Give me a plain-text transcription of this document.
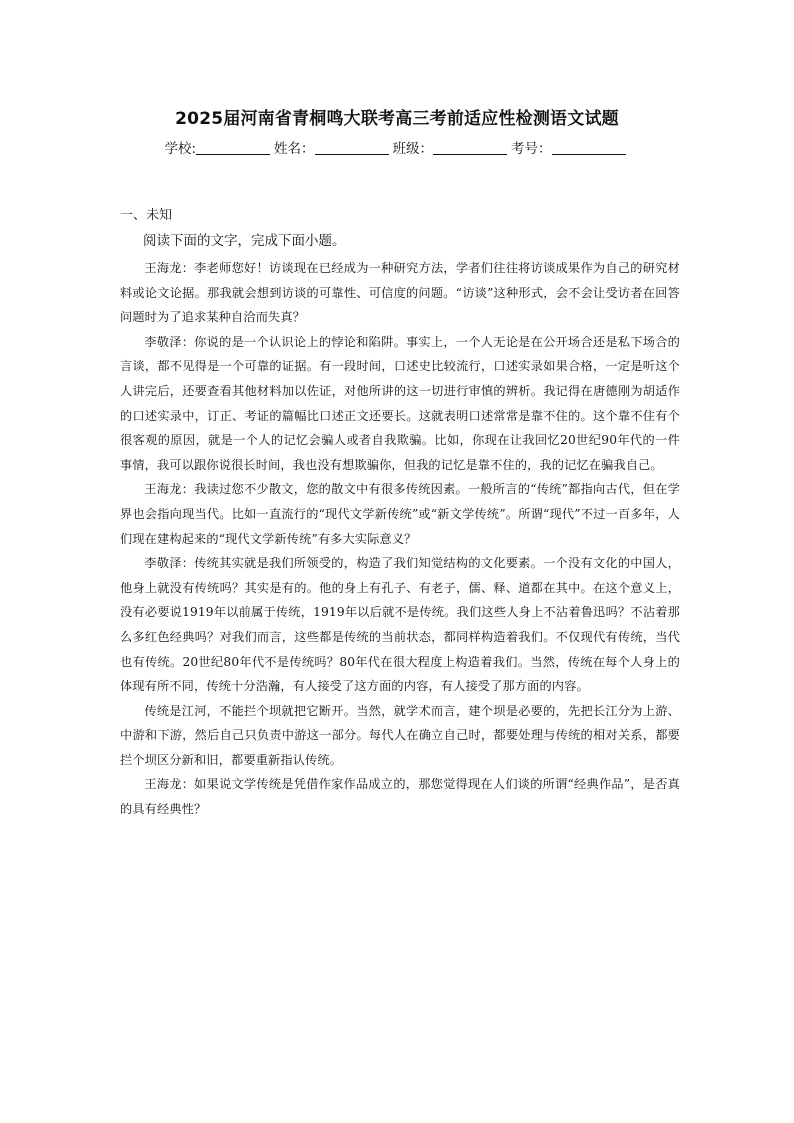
2025届河南省青桐鸣大联考高三考前适应性检测语文试题
学校:	姓名：	班级：	考号：
一、未知
阅读下面的文字，完成下面小题。

王海龙：李老师您好！访谈现在已经成为一种研究方法，学者们往往将访谈成果作为自己的研究材料或论文论据。那我就会想到访谈的可靠性、可信度的问题。“访谈”这种形式，会不会让受访者在回答问题时为了追求某种自洽而失真？

李敬泽：你说的是一个认识论上的悖论和陷阱。事实上，一个人无论是在公开场合还是私下场合的言谈，都不见得是一个可靠的证据。有一段时间，口述史比较流行，口述实录如果合格，一定是听这个人讲完后，还要查看其他材料加以佐证，对他所讲的这一切进行审慎的辨析。我记得在唐德刚为胡适作的口述实录中，订正、考证的篇幅比口述正文还要长。这就表明口述常常是靠不住的。这个靠不住有个很客观的原因，就是一个人的记忆会骗人或者自我欺骗。比如，你现在让我回忆20世纪90年代的一件事情，我可以跟你说很长时间，我也没有想欺骗你，但我的记忆是靠不住的，我的记忆在骗我自己。

王海龙：我读过您不少散文，您的散文中有很多传统因素。一般所言的“传统”都指向古代，但在学界也会指向现当代。比如一直流行的“现代文学新传统”或“新文学传统”。所谓“现代”不过一百多年，人们现在建构起来的“现代文学新传统”有多大实际意义？

李敬泽：传统其实就是我们所领受的，构造了我们知觉结构的文化要素。一个没有文化的中国人，他身上就没有传统吗？其实是有的。他的身上有孔子、有老子，儒、释、道都在其中。在这个意义上，没有必要说1919年以前属于传统，1919年以后就不是传统。我们这些人身上不沾着鲁迅吗？不沾着那么多红色经典吗？对我们而言，这些都是传统的当前状态，都同样构造着我们。不仅现代有传统，当代也有传统。20世纪80年代不是传统吗？80年代在很大程度上构造着我们。当然，传统在每个人身上的体现有所不同，传统十分浩瀚，有人接受了这方面的内容，有人接受了那方面的内容。

传统是江河，不能拦个坝就把它断开。当然，就学术而言，建个坝是必要的，先把长江分为上游、中游和下游，然后自己只负责中游这一部分。每代人在确立自己时，都要处理与传统的相对关系，都要拦个坝区分新和旧，都要重新指认传统。

王海龙：如果说文学传统是凭借作家作品成立的，那您觉得现在人们谈的所谓“经典作品”，是否真的具有经典性？
